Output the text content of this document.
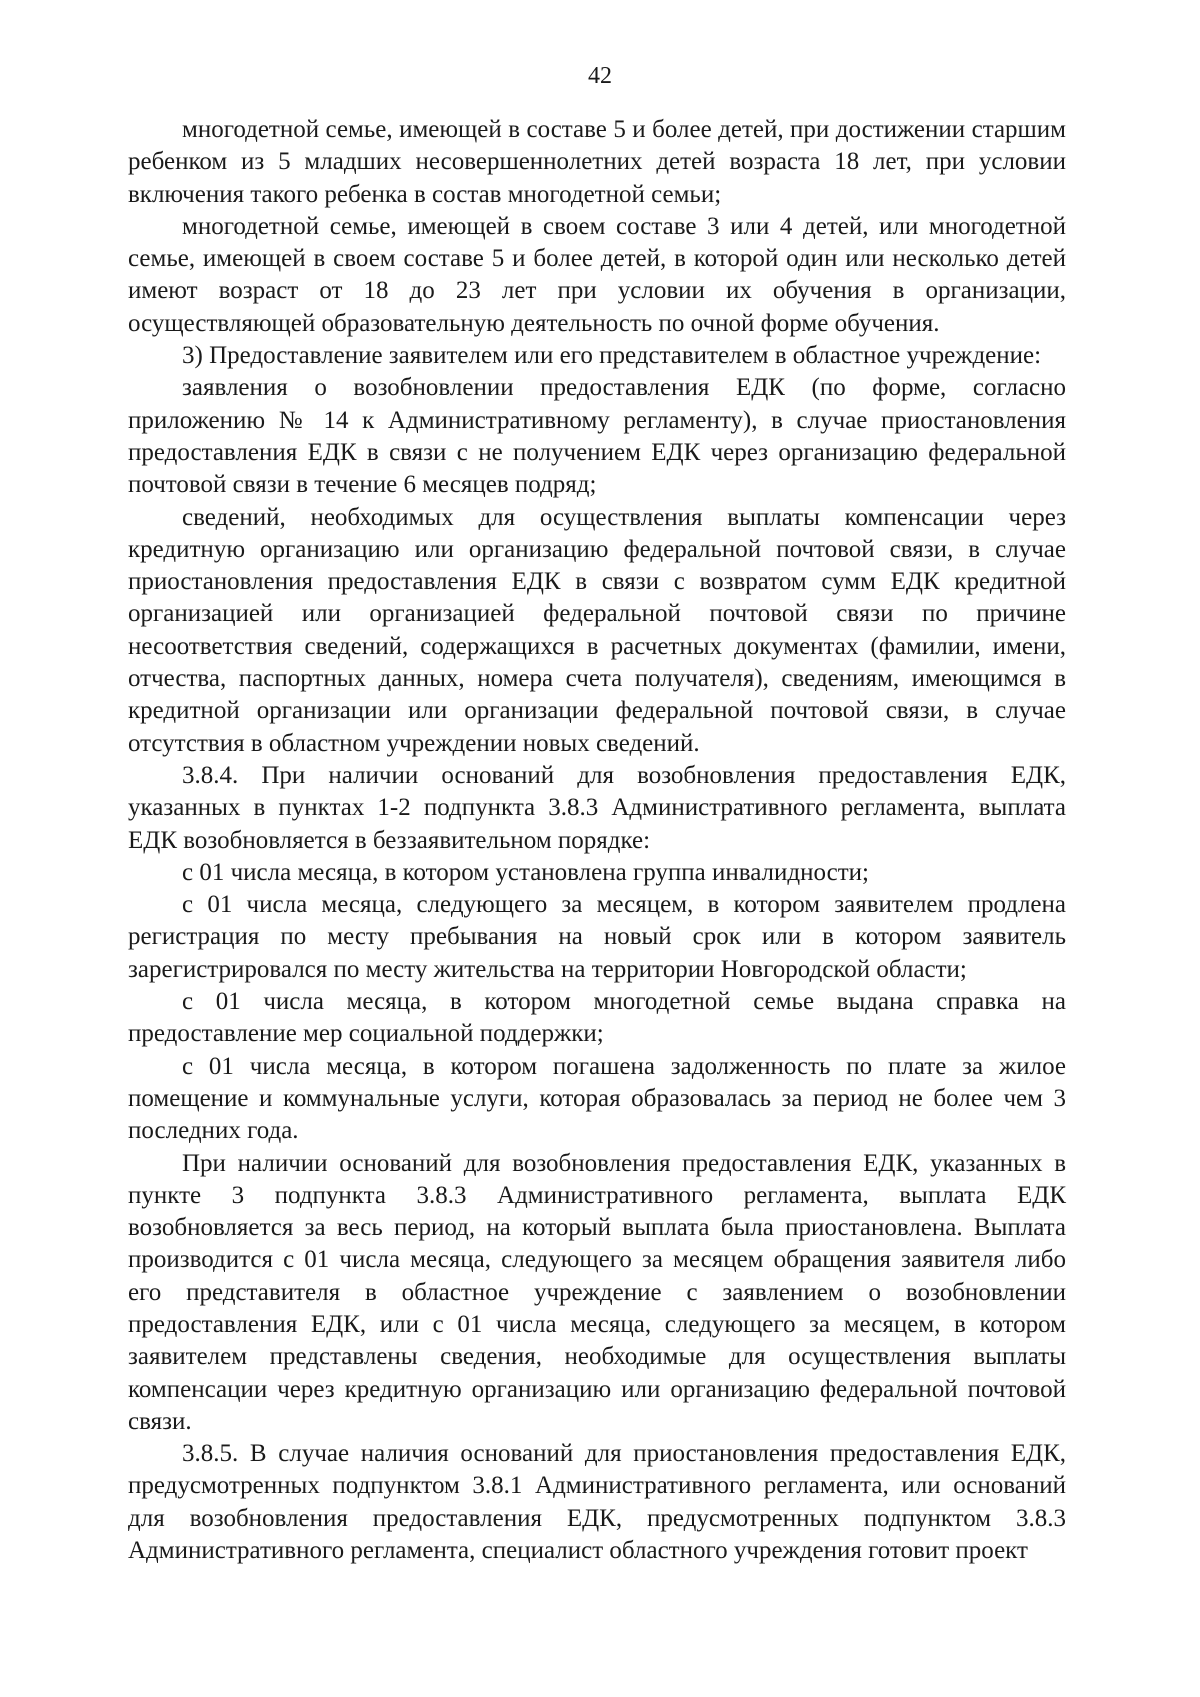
42

многодетной семье, имеющей в составе 5 и более детей, при достижении старшим ребенком из 5 младших несовершеннолетних детей возраста 18 лет, при условии включения такого ребенка в состав многодетной семьи;

многодетной семье, имеющей в своем составе 3 или 4 детей, или многодетной семье, имеющей в своем составе 5 и более детей, в которой один или несколько детей имеют возраст от 18 до 23 лет при условии их обучения в организации, осуществляющей образовательную деятельность по очной форме обучения.

3) Предоставление заявителем или его представителем в областное учреждение:

заявления о возобновлении предоставления ЕДК (по форме, согласно приложению № 14 к Административному регламенту), в случае приостановления предоставления ЕДК в связи с не получением ЕДК через организацию федеральной почтовой связи в течение 6 месяцев подряд;

сведений, необходимых для осуществления выплаты компенсации через кредитную организацию или организацию федеральной почтовой связи, в случае приостановления предоставления ЕДК в связи с возвратом сумм ЕДК кредитной организацией или организацией федеральной почтовой связи по причине несоответствия сведений, содержащихся в расчетных документах (фамилии, имени, отчества, паспортных данных, номера счета получателя), сведениям, имеющимся в кредитной организации или организации федеральной почтовой связи, в случае отсутствия в областном учреждении новых сведений.

3.8.4. При наличии оснований для возобновления предоставления ЕДК, указанных в пунктах 1-2 подпункта 3.8.3 Административного регламента, выплата ЕДК возобновляется в беззаявительном порядке:

с 01 числа месяца, в котором установлена группа инвалидности;

с 01 числа месяца, следующего за месяцем, в котором заявителем продлена регистрация по месту пребывания на новый срок или в котором заявитель зарегистрировался по месту жительства на территории Новгородской области;

с 01 числа месяца, в котором многодетной семье выдана справка на предоставление мер социальной поддержки;

с 01 числа месяца, в котором погашена задолженность по плате за жилое помещение и коммунальные услуги, которая образовалась за период не более чем 3 последних года.

При наличии оснований для возобновления предоставления ЕДК, указанных в пункте 3 подпункта 3.8.3 Административного регламента, выплата ЕДК возобновляется за весь период, на который выплата была приостановлена. Выплата производится с 01 числа месяца, следующего за месяцем обращения заявителя либо его представителя в областное учреждение с заявлением о возобновлении предоставления ЕДК, или с 01 числа месяца, следующего за месяцем, в котором заявителем представлены сведения, необходимые для осуществления выплаты компенсации через кредитную организацию или организацию федеральной почтовой связи.

3.8.5. В случае наличия оснований для приостановления предоставления ЕДК, предусмотренных подпунктом 3.8.1 Административного регламента, или оснований для возобновления предоставления ЕДК, предусмотренных подпунктом 3.8.3 Административного регламента, специалист областного учреждения готовит проект
